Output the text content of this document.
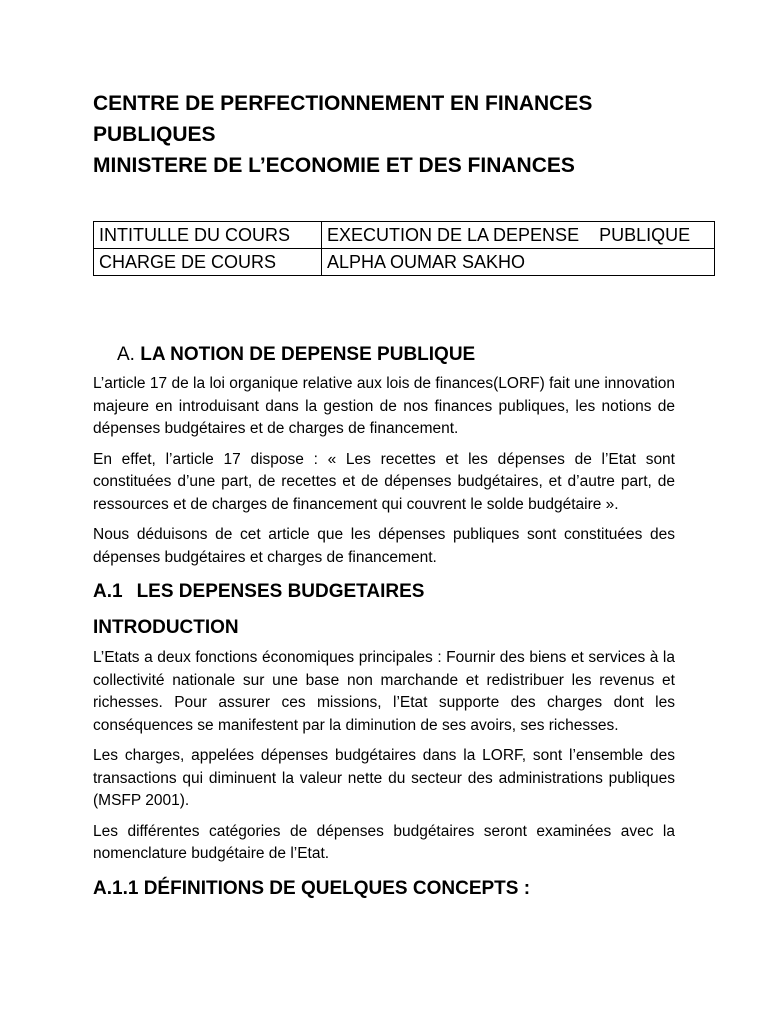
CENTRE DE PERFECTIONNEMENT EN FINANCES

PUBLIQUES

MINISTERE DE L’ECONOMIE ET DES FINANCES

INTITULLE DU COURS	EXECUTION DE LA DEPENSE    PUBLIQUE
CHARGE DE COURS	ALPHA OUMAR SAKHO
A. LA NOTION DE DEPENSE PUBLIQUE

L’article 17 de la loi organique relative aux lois de finances(LORF) fait une innovation majeure en introduisant dans la gestion de nos finances publiques, les notions de dépenses budgétaires et de charges de financement.

En effet, l’article 17 dispose : « Les recettes et les dépenses de l’Etat sont constituées d’une part, de recettes et de dépenses budgétaires, et d’autre part, de ressources et de charges de financement qui couvrent le solde budgétaire ».

Nous déduisons de cet article que les dépenses publiques sont constituées des dépenses budgétaires et charges de financement.

A.1 LES DEPENSES BUDGETAIRES
INTRODUCTION

L’Etats a deux fonctions économiques principales : Fournir des biens et services à la collectivité nationale sur une base non marchande et redistribuer les revenus et richesses. Pour assurer ces missions, l’Etat supporte des charges dont les conséquences se manifestent par la diminution de ses avoirs, ses richesses.

Les charges, appelées dépenses budgétaires dans la LORF, sont l’ensemble des transactions qui diminuent la valeur nette du secteur des administrations publiques (MSFP 2001).

Les différentes catégories de dépenses budgétaires seront examinées avec la nomenclature budgétaire de l’Etat.

A.1.1 DÉFINITIONS DE QUELQUES CONCEPTS :
